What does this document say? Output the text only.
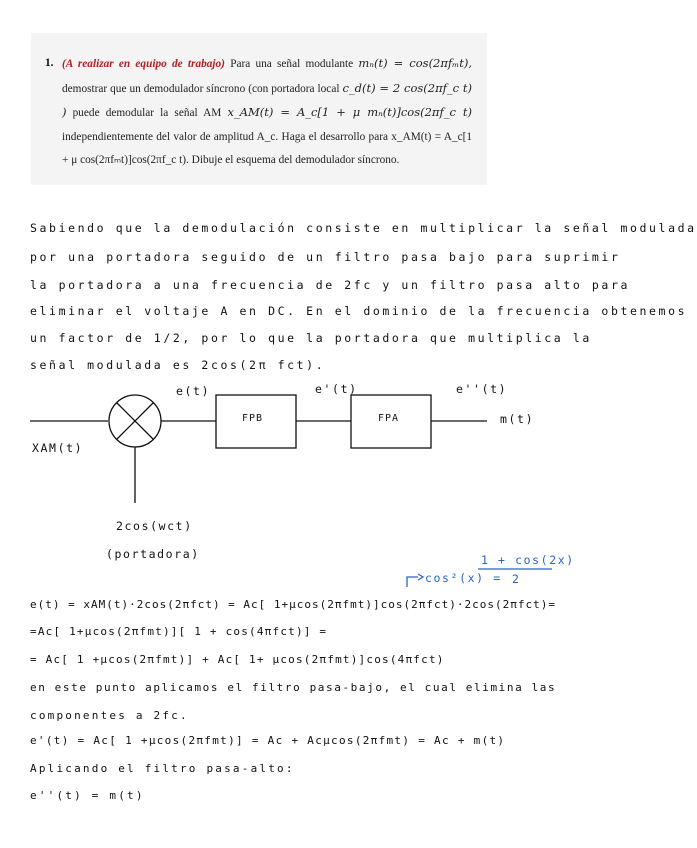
1. (A realizar en equipo de trabajo) Para una señal modulante mₙ(t) = cos(2πfₘt), demostrar que un demodulador síncrono (con portadora local c_d(t) = 2 cos(2πf_c t) ) puede demodular la señal AM x_AM(t) = A_c[1 + μ mₙ(t)]cos(2πf_c t) independientemente del valor de amplitud A_c. Haga el desarrollo para x_AM(t) = A_c[1 + μ cos(2πfₘt)]cos(2πf_c t). Dibuje el esquema del demodulador síncrono.
Sabiendo que la demodulación consiste en multiplicar la señal modulada
por una portadora seguido de un filtro pasa bajo para suprimir
la portadora a una frecuencia de 2fc y un filtro pasa alto para
eliminar el voltaje A en DC. En el dominio de la frecuencia obtenemos
un factor de 1/2, por lo que la portadora que multiplica la
señal modulada es 2cos(2π fct).
FPB	FPA
e(t)	e'(t)	e''(t)
m(t)
XAM(t)
2cos(wct)
(portadora)	1 + cos(2x)
cos²(x) = 2
e(t) = xAM(t)·2cos(2πfct) = Ac[ 1+μcos(2πfmt)]cos(2πfct)·2cos(2πfct)=
=Ac[ 1+μcos(2πfmt)][ 1 + cos(4πfct)] =
= Ac[ 1 +μcos(2πfmt)] + Ac[ 1+ μcos(2πfmt)]cos(4πfct)
en este punto aplicamos el filtro pasa-bajo, el cual elimina las
componentes a 2fc.
e'(t) = Ac[ 1 +μcos(2πfmt)] = Ac + Acμcos(2πfmt) = Ac + m(t)
Aplicando el filtro pasa-alto:
e''(t) = m(t)
